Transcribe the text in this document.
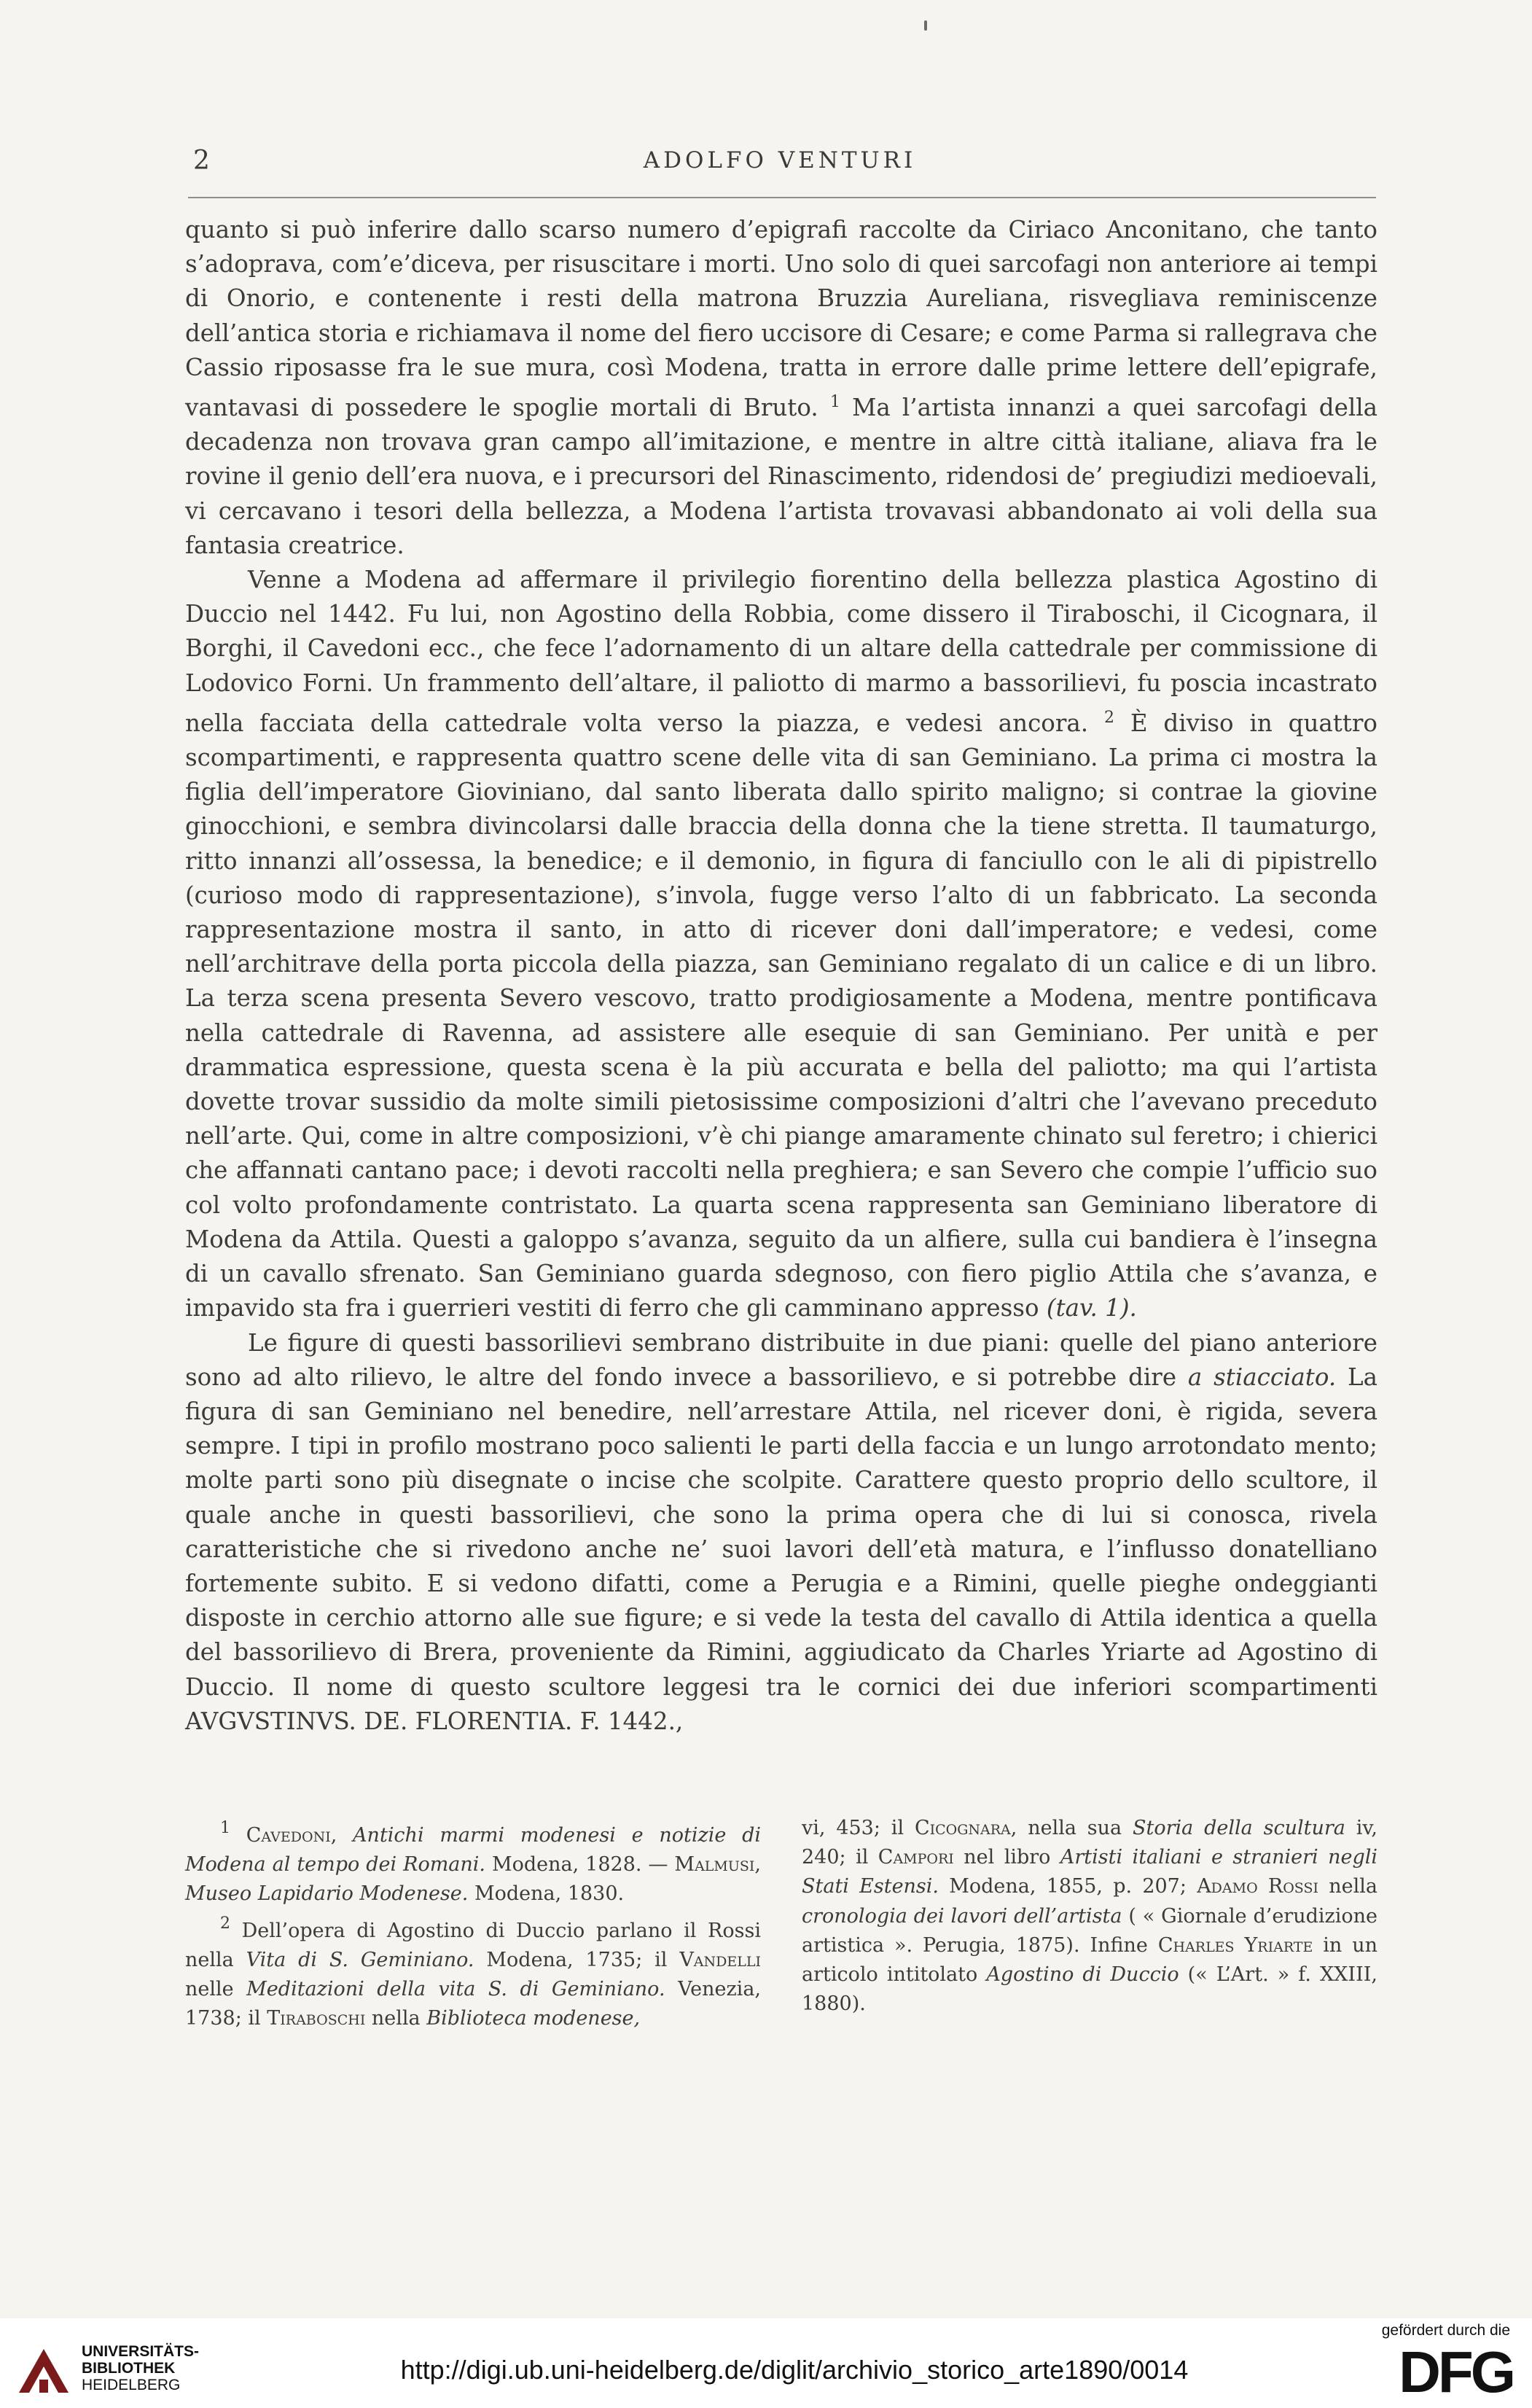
2	ADOLFO VENTURI

quanto si può inferire dallo scarso numero d’epigrafi raccolte da Ciriaco Anconitano, che tanto s’adoprava, com’e’diceva, per risuscitare i morti. Uno solo di quei sarcofagi non anteriore ai tempi di Onorio, e contenente i resti della matrona Bruzzia Aureliana, risvegliava reminiscenze dell’antica storia e richiamava il nome del fiero uccisore di Cesare; e come Parma si rallegrava che Cassio riposasse fra le sue mura, così Modena, tratta in errore dalle prime lettere dell’epigrafe, vantavasi di possedere le spoglie mortali di Bruto. $^1$ Ma l’artista innanzi a quei sarcofagi della decadenza non trovava gran campo all’imitazione, e mentre in altre città italiane, aliava fra le rovine il genio dell’era nuova, e i precursori del Rinascimento, ridendosi de’ pregiudizi medioevali, vi cercavano i tesori della bellezza, a Modena l’artista trovavasi abbandonato ai voli della sua fantasia creatrice.

Venne a Modena ad affermare il privilegio fiorentino della bellezza plastica Agostino di Duccio nel 1442. Fu lui, non Agostino della Robbia, come dissero il Tiraboschi, il Cicognara, il Borghi, il Cavedoni ecc., che fece l’adornamento di un altare della cattedrale per commissione di Lodovico Forni. Un frammento dell’altare, il paliotto di marmo a bassorilievi, fu poscia incastrato nella facciata della cattedrale volta verso la piazza, e vedesi ancora. $^2$ È diviso in quattro scompartimenti, e rappresenta quattro scene delle vita di san Geminiano. La prima ci mostra la figlia dell’imperatore Gioviniano, dal santo liberata dallo spirito maligno; si contrae la giovine ginocchioni, e sembra divincolarsi dalle braccia della donna che la tiene stretta. Il taumaturgo, ritto innanzi all’ossessa, la benedice; e il demonio, in figura di fanciullo con le ali di pipistrello (curioso modo di rappresentazione), s’invola, fugge verso l’alto di un fabbricato. La seconda rappresentazione mostra il santo, in atto di ricever doni dall’imperatore; e vedesi, come nell’architrave della porta piccola della piazza, san Geminiano regalato di un calice e di un libro. La terza scena presenta Severo vescovo, tratto prodigiosamente a Modena, mentre pontificava nella cattedrale di Ravenna, ad assistere alle esequie di san Geminiano. Per unità e per drammatica espressione, questa scena è la più accurata e bella del paliotto; ma qui l’artista dovette trovar sussidio da molte simili pietosissime composizioni d’altri che l’avevano preceduto nell’arte. Qui, come in altre composizioni, v’è chi piange amaramente chinato sul feretro; i chierici che affannati cantano pace; i devoti raccolti nella preghiera; e san Severo che compie l’ufficio suo col volto profondamente contristato. La quarta scena rappresenta san Geminiano liberatore di Modena da Attila. Questi a galoppo s’avanza, seguito da un alfiere, sulla cui bandiera è l’insegna di un cavallo sfrenato. San Geminiano guarda sdegnoso, con fiero piglio Attila che s’avanza, e impavido sta fra i guerrieri vestiti di ferro che gli camminano appresso (tav. 1).

Le figure di questi bassorilievi sembrano distribuite in due piani: quelle del piano anteriore sono ad alto rilievo, le altre del fondo invece a bassorilievo, e si potrebbe dire a stiacciato. La figura di san Geminiano nel benedire, nell’arrestare Attila, nel ricever doni, è rigida, severa sempre. I tipi in profilo mostrano poco salienti le parti della faccia e un lungo arrotondato mento; molte parti sono più disegnate o incise che scolpite. Carattere questo proprio dello scultore, il quale anche in questi bassorilievi, che sono la prima opera che di lui si conosca, rivela caratteristiche che si rivedono anche ne’ suoi lavori dell’età matura, e l’influsso donatelliano fortemente subito. E si vedono difatti, come a Perugia e a Rimini, quelle pieghe ondeggianti disposte in cerchio attorno alle sue figure; e si vede la testa del cavallo di Attila identica a quella del bassorilievo di Brera, proveniente da Rimini, aggiudicato da Charles Yriarte ad Agostino di Duccio. Il nome di questo scultore leggesi tra le cornici dei due inferiori scompartimenti AVGVSTINVS. DE. FLORENTIA. F. 1442.,

$^1$ Cavedoni, Antichi marmi modenesi e notizie di Modena al tempo dei Romani. Modena, 1828. — Malmusi, Museo Lapidario Modenese. Modena, 1830.

$^2$ Dell’opera di Agostino di Duccio parlano il Rossi nella Vita di S. Geminiano. Modena, 1735; il Vandelli nelle Meditazioni della vita S. di Geminiano. Venezia, 1738; il Tiraboschi nella Biblioteca modenese,

vi, 453; il Cicognara, nella sua Storia della scultura iv, 240; il Campori nel libro Artisti italiani e stranieri negli Stati Estensi. Modena, 1855, p. 207; Adamo Rossi nella cronologia dei lavori dell’artista ( « Giornale d’erudizione artistica ». Perugia, 1875). Infine Charles Yriarte in un articolo intitolato Agostino di Duccio (« L’Art. » f. XXIII, 1880).

UNIVERSITÄTS-
BIBLIOTHEK
HEIDELBERG
http://digi.ub.uni-heidelberg.de/diglit/archivio_storico_arte1890/0014
gefördert durch die
DFG
